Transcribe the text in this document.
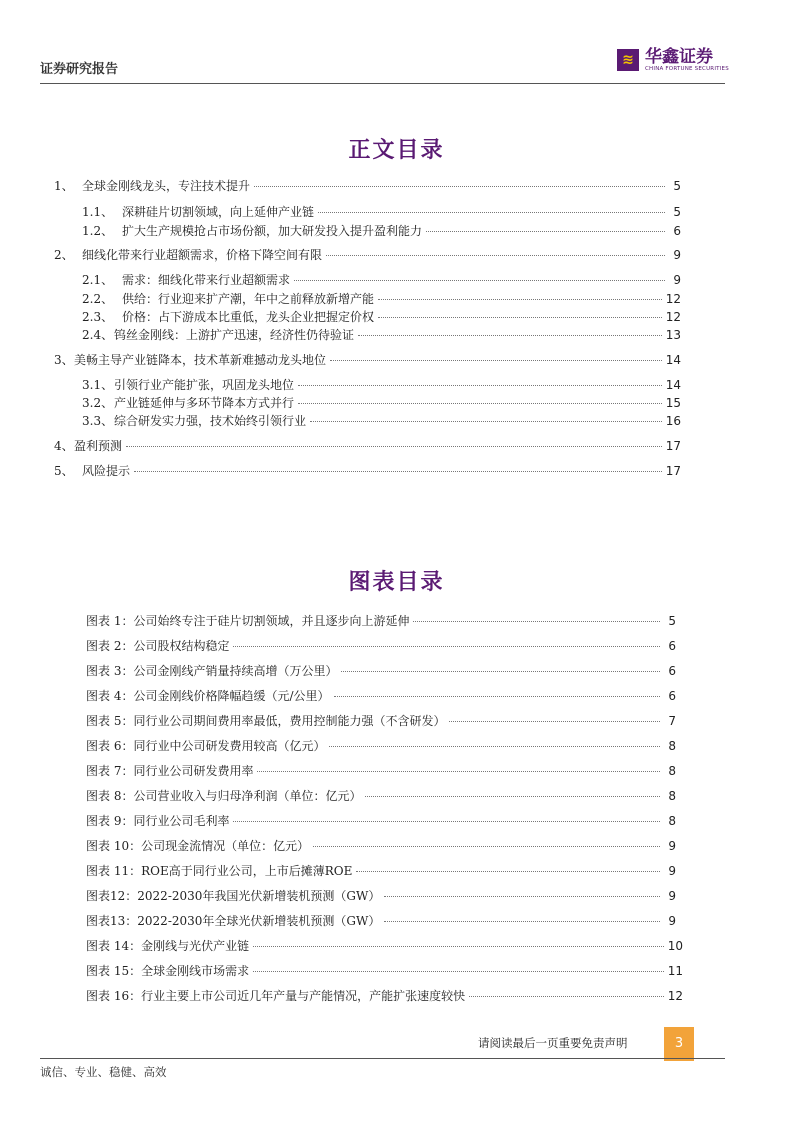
证券研究报告
≋ 华鑫证券
CHINA FORTUNE SECURITIES
正文目录
1、 全球金刚线龙头，专注技术提升	5
1.1、 深耕硅片切割领域，向上延伸产业链	5
1.2、 扩大生产规模抢占市场份额，加大研发投入提升盈利能力	6
2、 细线化带来行业超额需求，价格下降空间有限	9
2.1、 需求：细线化带来行业超额需求	9
2.2、 供给：行业迎来扩产潮，年中之前释放新增产能	12
2.3、 价格：占下游成本比重低，龙头企业把握定价权	12
2.4、 钨丝金刚线：上游扩产迅速，经济性仍待验证	13
3、 美畅主导产业链降本，技术革新难撼动龙头地位	14
3.1、 引领行业产能扩张，巩固龙头地位	14
3.2、 产业链延伸与多环节降本方式并行	15
3.3、 综合研发实力强，技术始终引领行业	16
4、 盈利预测	17
5、 风险提示	17
图表目录
图表 1： 公司始终专注于硅片切割领域，并且逐步向上游延伸	5
图表 2： 公司股权结构稳定	6
图表 3： 公司金刚线产销量持续高增（万公里）	6
图表 4： 公司金刚线价格降幅趋缓（元/公里）	6
图表 5： 同行业公司期间费用率最低，费用控制能力强（不含研发）	7
图表 6： 同行业中公司研发费用较高（亿元）	8
图表 7： 同行业公司研发费用率	8
图表 8： 公司营业收入与归母净利润（单位：亿元）	8
图表 9： 同行业公司毛利率	8
图表 10： 公司现金流情况（单位：亿元）	9
图表 11： ROE高于同行业公司，上市后摊薄ROE	9
图表12： 2022-2030年我国光伏新增装机预测（GW）	9
图表13： 2022-2030年全球光伏新增装机预测（GW）	9
图表 14： 金刚线与光伏产业链	10
图表 15： 全球金刚线市场需求	11
图表 16： 行业主要上市公司近几年产量与产能情况，产能扩张速度较快	12
请阅读最后一页重要免责声明	3
诚信、专业、稳健、高效
